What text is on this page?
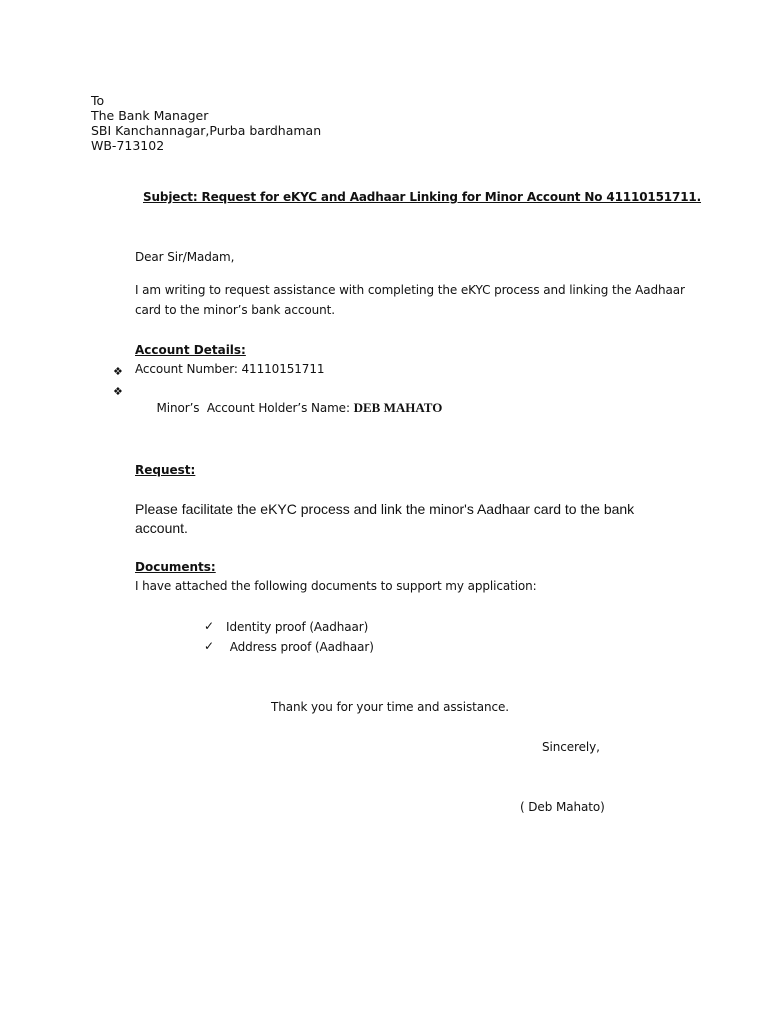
To
The Bank Manager
SBI Kanchannagar,Purba bardhaman
WB-713102
Subject: Request for eKYC and Aadhaar Linking for Minor Account No 41110151711.
Dear Sir/Madam,
I am writing to request assistance with completing the eKYC process and linking the Aadhaar
card to the minor’s bank account.
Account Details:
❖ Account Number: 41110151711
❖

Minor’s  Account Holder’s Name: DEB MAHATO

Request:
Please facilitate the eKYC process and link the minor's Aadhaar card to the bank account.
Documents:
I have attached the following documents to support my application:
✓ Identity proof (Aadhaar)
✓ Address proof (Aadhaar)
Thank you for your time and assistance.
Sincerely,
( Deb Mahato)
